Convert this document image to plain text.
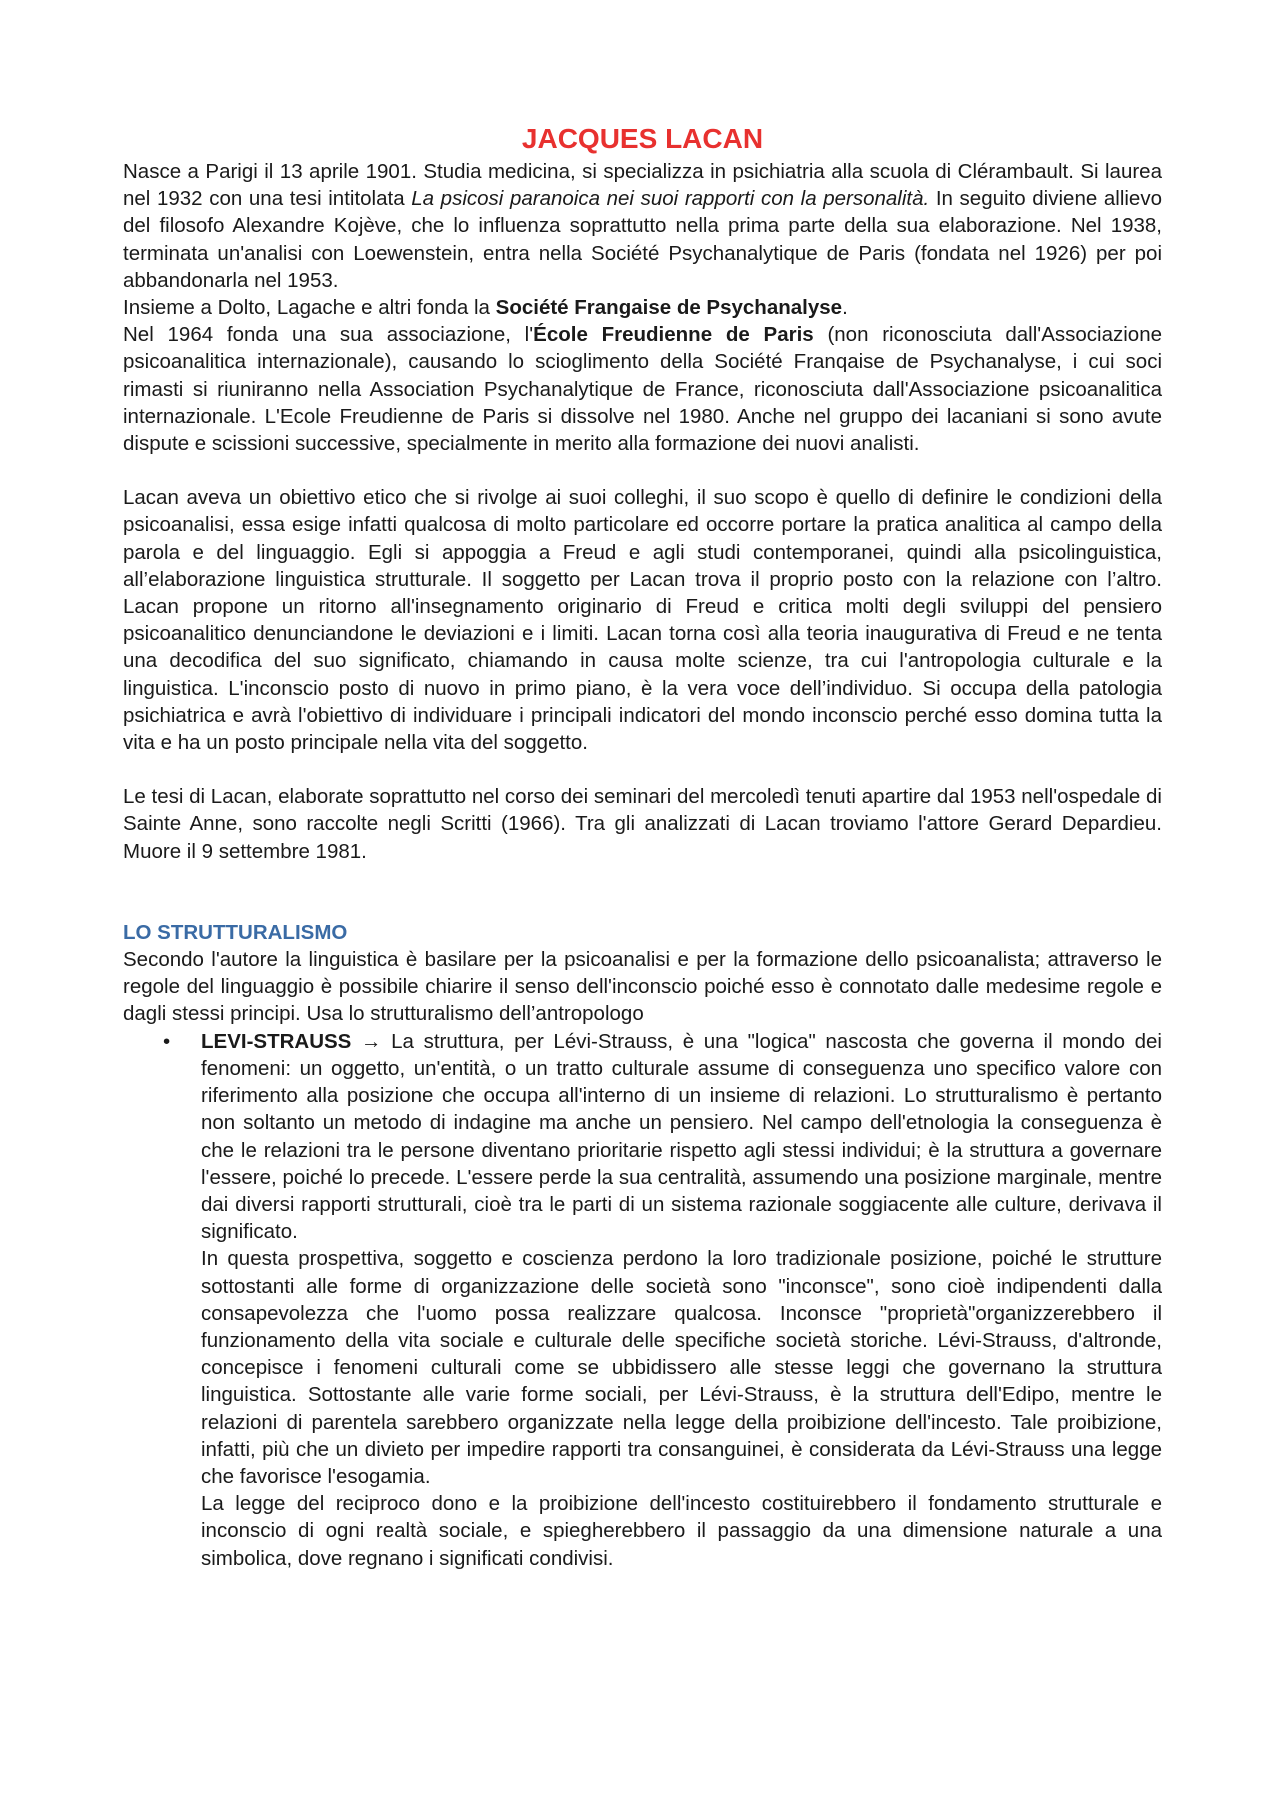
JACQUES LACAN

Nasce a Parigi il 13 aprile 1901. Studia medicina, si specializza in psichiatria alla scuola di Clérambault. Si laurea nel 1932 con una tesi intitolata La psicosi paranoica nei suoi rapporti con la personalità. In seguito diviene allievo del filosofo Alexandre Kojève, che lo influenza soprattutto nella prima parte della sua elaborazione. Nel 1938, terminata un'analisi con Loewenstein, entra nella Société Psychanalytique de Paris (fondata nel 1926) per poi abbandonarla nel 1953.

Insieme a Dolto, Lagache e altri fonda la Société Frangaise de Psychanalyse.

Nel 1964 fonda una sua associazione, l'École Freudienne de Paris (non riconosciuta dall'Associazione psicoanalitica internazionale), causando lo scioglimento della Société Franqaise de Psychanalyse, i cui soci rimasti si riuniranno nella Association Psychanalytique de France, riconosciuta dall'Associazione psicoanalitica internazionale. L'Ecole Freudienne de Paris si dissolve nel 1980. Anche nel gruppo dei lacaniani si sono avute dispute e scissioni successive, specialmente in merito alla formazione dei nuovi analisti.

Lacan aveva un obiettivo etico che si rivolge ai suoi colleghi, il suo scopo è quello di definire le condizioni della psicoanalisi, essa esige infatti qualcosa di molto particolare ed occorre portare la pratica analitica al campo della parola e del linguaggio. Egli si appoggia a Freud e agli studi contemporanei, quindi alla psicolinguistica, all’elaborazione linguistica strutturale. Il soggetto per Lacan trova il proprio posto con la relazione con l’altro. Lacan propone un ritorno all'insegnamento originario di Freud e critica molti degli sviluppi del pensiero psicoanalitico denunciandone le deviazioni e i limiti. Lacan torna così alla teoria inaugurativa di Freud e ne tenta una decodifica del suo significato, chiamando in causa molte scienze, tra cui l'antropologia culturale e la linguistica. L'inconscio posto di nuovo in primo piano, è la vera voce dell’individuo. Si occupa della patologia psichiatrica e avrà l'obiettivo di individuare i principali indicatori del mondo inconscio perché esso domina tutta la vita e ha un posto principale nella vita del soggetto.

Le tesi di Lacan, elaborate soprattutto nel corso dei seminari del mercoledì tenuti apartire dal 1953 nell'ospedale di Sainte Anne, sono raccolte negli Scritti (1966). Tra gli analizzati di Lacan troviamo l'attore Gerard Depardieu. Muore il 9 settembre 1981.

LO STRUTTURALISMO

Secondo l'autore la linguistica è basilare per la psicoanalisi e per la formazione dello psicoanalista; attraverso le regole del linguaggio è possibile chiarire il senso dell'inconscio poiché esso è connotato dalle medesime regole e dagli stessi principi. Usa lo strutturalismo dell’antropologo

• LEVI-STRAUSS → La struttura, per Lévi-Strauss, è una "logica" nascosta che governa il mondo dei fenomeni: un oggetto, un'entità, o un tratto culturale assume di conseguenza uno specifico valore con riferimento alla posizione che occupa all'interno di un insieme di relazioni. Lo strutturalismo è pertanto non soltanto un metodo di indagine ma anche un pensiero. Nel campo dell'etnologia la conseguenza è che le relazioni tra le persone diventano prioritarie rispetto agli stessi individui; è la struttura a governare l'essere, poiché lo precede. L'essere perde la sua centralità, assumendo una posizione marginale, mentre dai diversi rapporti strutturali, cioè tra le parti di un sistema razionale soggiacente alle culture, derivava il significato.

In questa prospettiva, soggetto e coscienza perdono la loro tradizionale posizione, poiché le strutture sottostanti alle forme di organizzazione delle società sono "inconsce", sono cioè indipendenti dalla consapevolezza che l'uomo possa realizzare qualcosa. Inconsce "proprietà"organizzerebbero il funzionamento della vita sociale e culturale delle specifiche società storiche. Lévi-Strauss, d'altronde, concepisce i fenomeni culturali come se ubbidissero alle stesse leggi che governano la struttura linguistica. Sottostante alle varie forme sociali, per Lévi-Strauss, è la struttura dell'Edipo, mentre le relazioni di parentela sarebbero organizzate nella legge della proibizione dell'incesto. Tale proibizione, infatti, più che un divieto per impedire rapporti tra consanguinei, è considerata da Lévi-Strauss una legge che favorisce l'esogamia.

La legge del reciproco dono e la proibizione dell'incesto costituirebbero il fondamento strutturale e inconscio di ogni realtà sociale, e spiegherebbero il passaggio da una dimensione naturale a una simbolica, dove regnano i significati condivisi.
